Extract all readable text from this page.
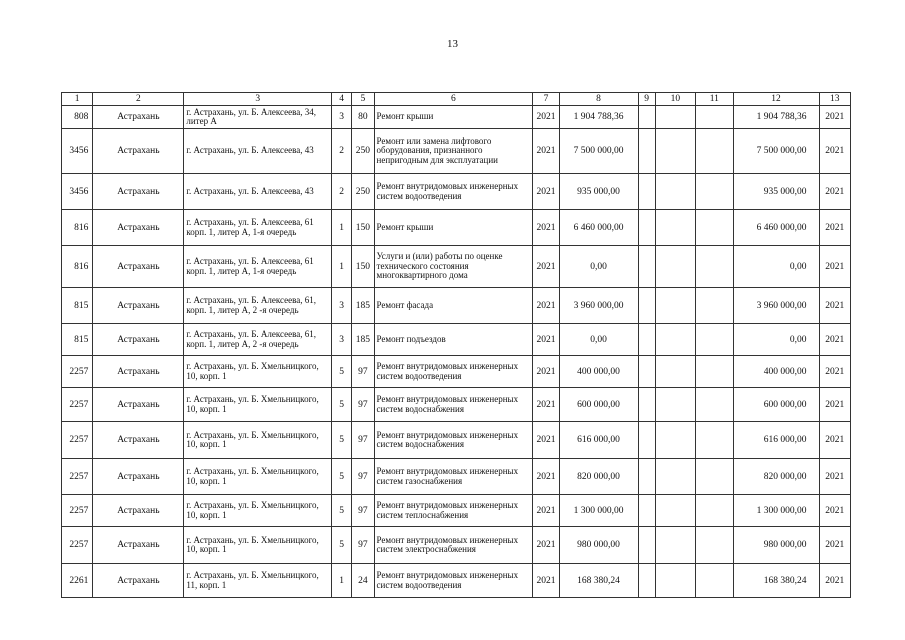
13
1	2	3	4	5	6	7	8	9	10	11	12	13
808	Астрахань	г. Астрахань, ул. Б. Алексеева, 34, литер А	3	80	Ремонт крыши	2021	1 904 788,36				1 904 788,36	2021
3456	Астрахань	г. Астрахань, ул. Б. Алексеева, 43	2	250	Ремонт или замена лифтового оборудования, признанного непригодным для эксплуатации	2021	7 500 000,00				7 500 000,00	2021
3456	Астрахань	г. Астрахань, ул. Б. Алексеева, 43	2	250	Ремонт внутридомовых инженерных систем водоотведения	2021	935 000,00				935 000,00	2021
816	Астрахань	г. Астрахань, ул. Б. Алексеева, 61 корп. 1, литер А, 1-я очередь	1	150	Ремонт крыши	2021	6 460 000,00				6 460 000,00	2021
816	Астрахань	г. Астрахань, ул. Б. Алексеева, 61 корп. 1, литер А, 1-я очередь	1	150	Услуги и (или) работы по оценке технического состояния многоквартирного дома	2021	0,00				0,00	2021
815	Астрахань	г. Астрахань, ул. Б. Алексеева, 61, корп. 1, литер А, 2 -я очередь	3	185	Ремонт фасада	2021	3 960 000,00				3 960 000,00	2021
815	Астрахань	г. Астрахань, ул. Б. Алексеева, 61, корп. 1, литер А, 2 -я очередь	3	185	Ремонт подъездов	2021	0,00				0,00	2021
2257	Астрахань	г. Астрахань, ул. Б. Хмельницкого, 10, корп. 1	5	97	Ремонт внутридомовых инженерных систем водоотведения	2021	400 000,00				400 000,00	2021
2257	Астрахань	г. Астрахань, ул. Б. Хмельницкого, 10, корп. 1	5	97	Ремонт внутридомовых инженерных систем водоснабжения	2021	600 000,00				600 000,00	2021
2257	Астрахань	г. Астрахань, ул. Б. Хмельницкого, 10, корп. 1	5	97	Ремонт внутридомовых инженерных систем водоснабжения	2021	616 000,00				616 000,00	2021
2257	Астрахань	г. Астрахань, ул. Б. Хмельницкого, 10, корп. 1	5	97	Ремонт внутридомовых инженерных систем газоснабжения	2021	820 000,00				820 000,00	2021
2257	Астрахань	г. Астрахань, ул. Б. Хмельницкого, 10, корп. 1	5	97	Ремонт внутридомовых инженерных систем теплоснабжения	2021	1 300 000,00				1 300 000,00	2021
2257	Астрахань	г. Астрахань, ул. Б. Хмельницкого, 10, корп. 1	5	97	Ремонт внутридомовых инженерных систем электроснабжения	2021	980 000,00				980 000,00	2021
2261	Астрахань	г. Астрахань, ул. Б. Хмельницкого, 11, корп. 1	1	24	Ремонт внутридомовых инженерных систем водоотведения	2021	168 380,24				168 380,24	2021
